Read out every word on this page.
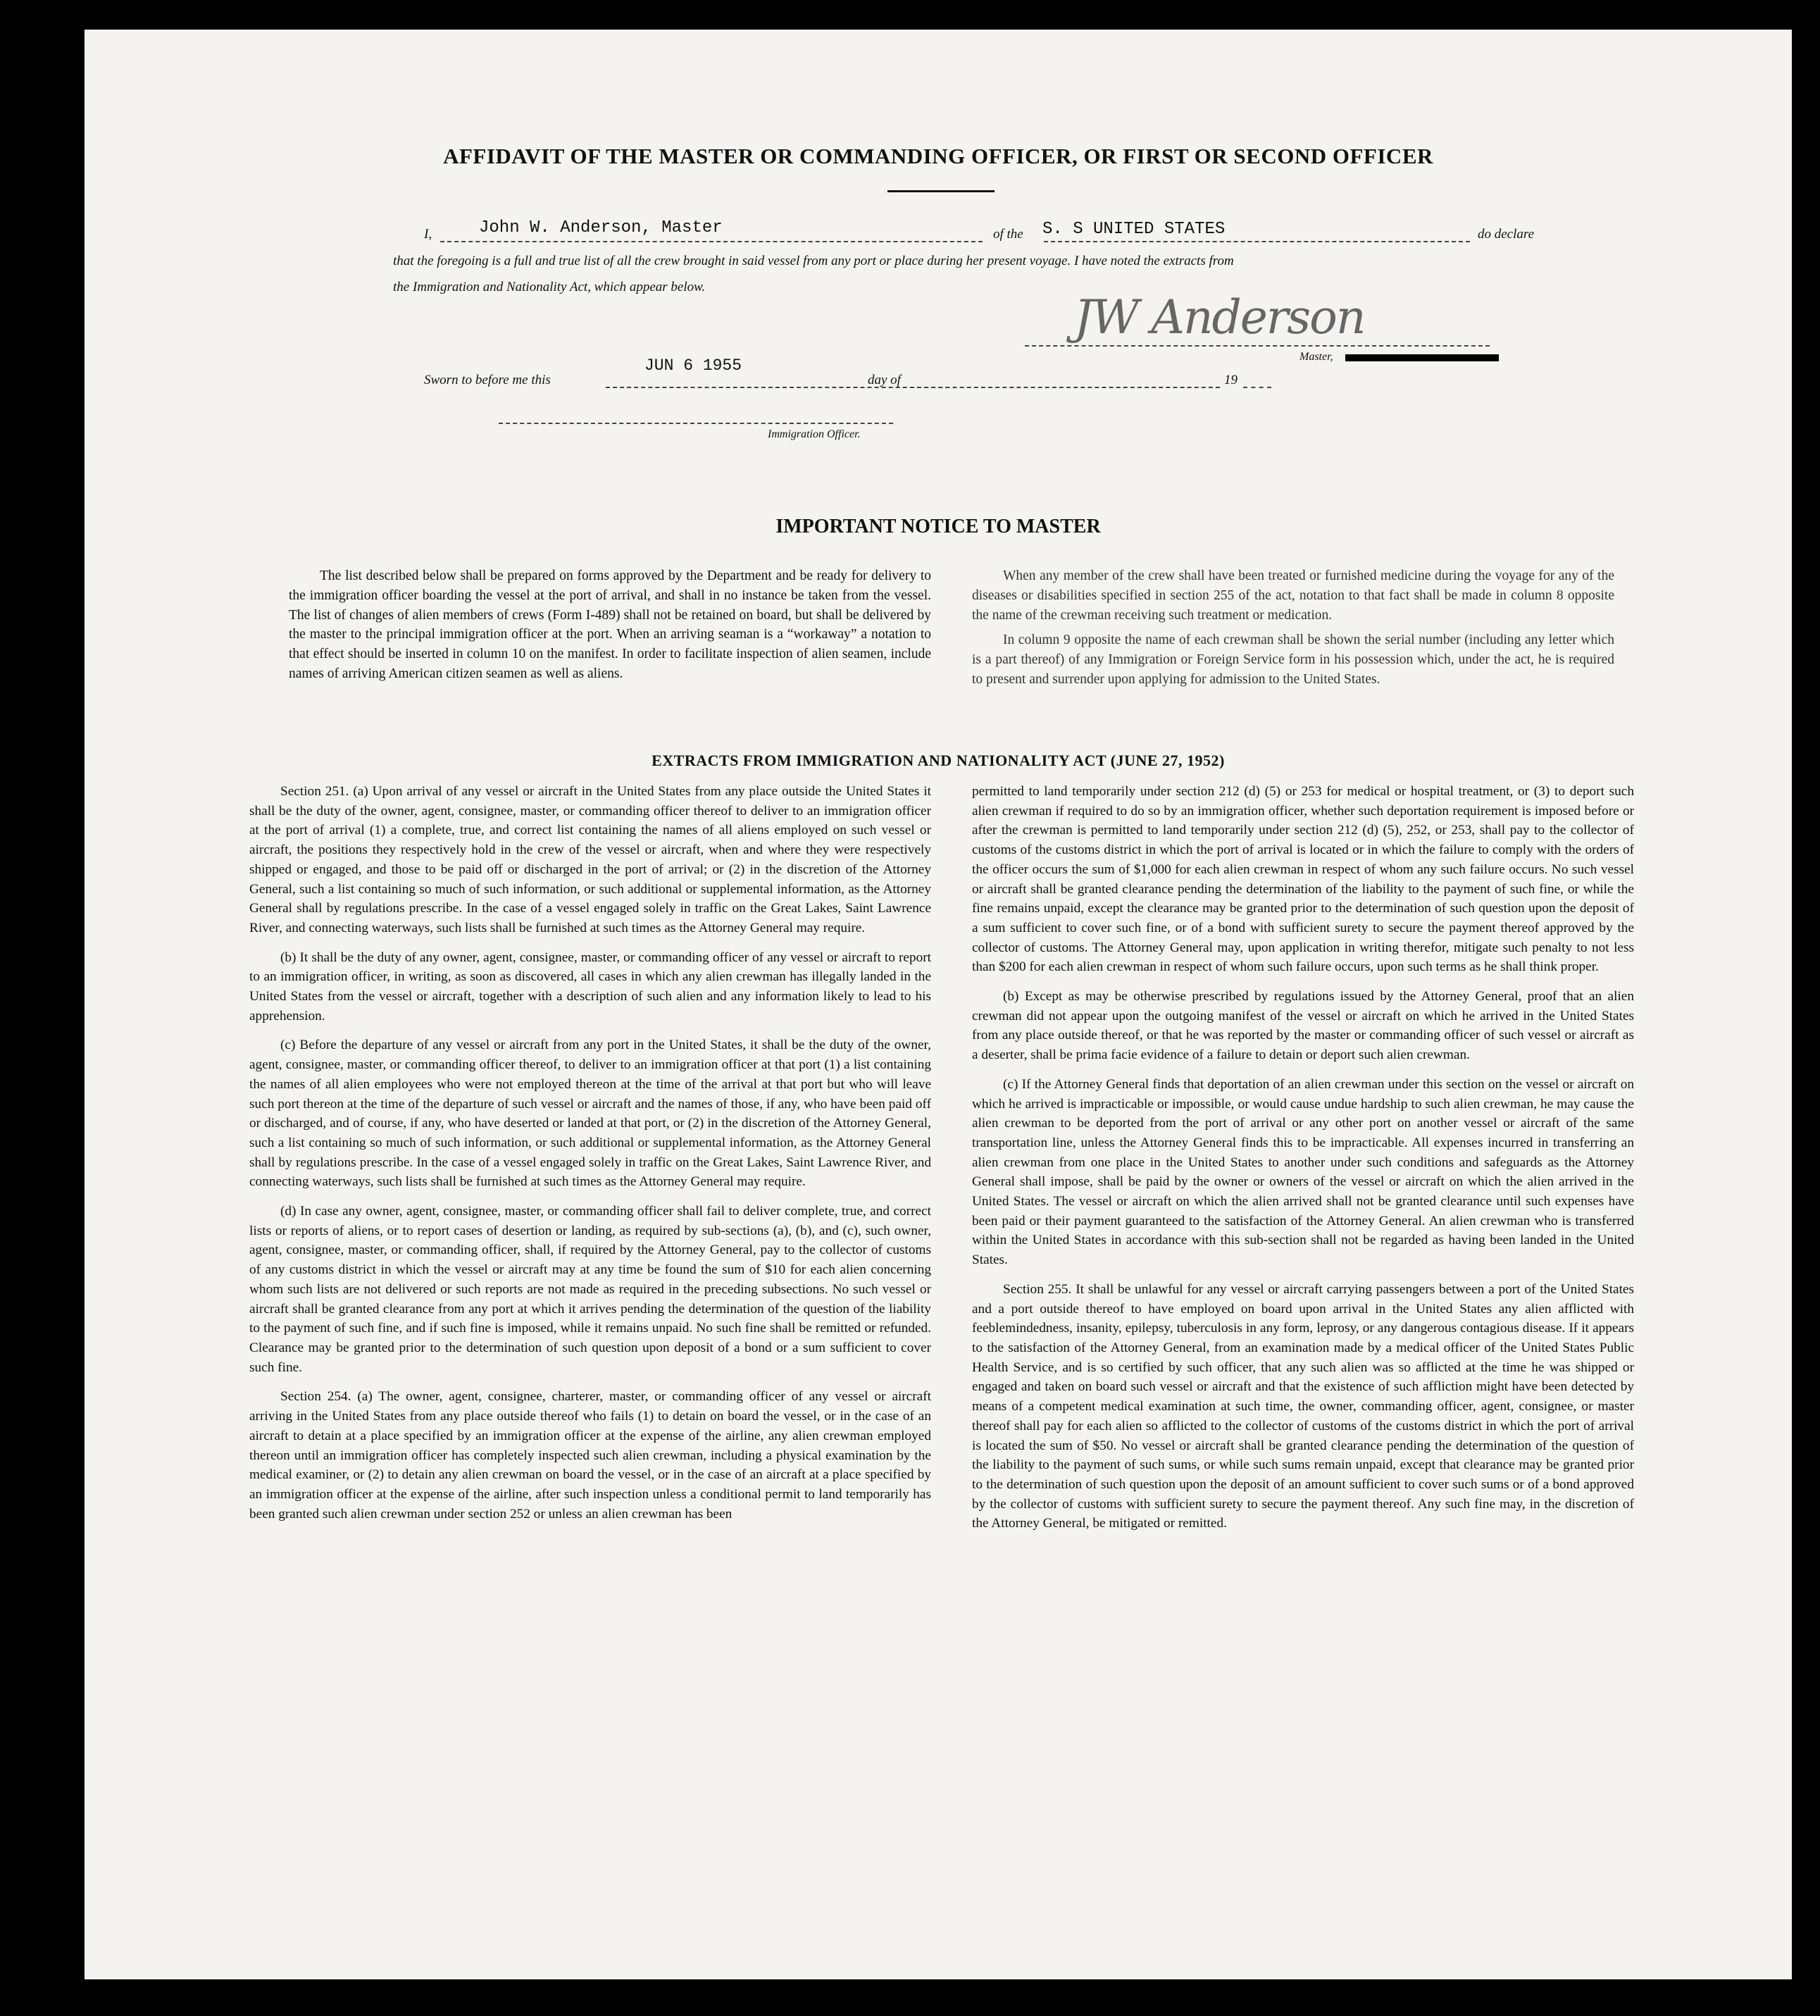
AFFIDAVIT OF THE MASTER OR COMMANDING OFFICER, OR FIRST OR SECOND OFFICER
I,	John W. Anderson, Master	of the S. S UNITED STATES	do declare
that the foregoing is a full and true list of all the crew brought in said vessel from any port or place during her present voyage. I have noted the extracts from
the Immigration and Nationality Act, which appear below.
JW Anderson
Master,
Sworn to before me this
JUN 6 1955
day of	19
Immigration Officer.
IMPORTANT NOTICE TO MASTER

The list described below shall be prepared on forms approved by the Department and be ready for delivery to the immigration officer boarding the vessel at the port of arrival, and shall in no instance be taken from the vessel. The list of changes of alien members of crews (Form I-489) shall not be retained on board, but shall be delivered by the master to the principal immigration officer at the port. When an arriving seaman is a “workaway” a notation to that effect should be inserted in column 10 on the manifest. In order to facilitate inspection of alien seamen, include names of arriving American citizen seamen as well as aliens.

When any member of the crew shall have been treated or furnished medicine during the voyage for any of the diseases or disabilities specified in section 255 of the act, notation to that fact shall be made in column 8 opposite the name of the crewman receiving such treatment or medication.

In column 9 opposite the name of each crewman shall be shown the serial number (including any letter which is a part thereof) of any Immigration or Foreign Service form in his possession which, under the act, he is required to present and surrender upon applying for admission to the United States.

EXTRACTS FROM IMMIGRATION AND NATIONALITY ACT (JUNE 27, 1952)

Section 251. (a) Upon arrival of any vessel or aircraft in the United States from any place outside the United States it shall be the duty of the owner, agent, consignee, master, or commanding officer thereof to deliver to an immigration officer at the port of arrival (1) a complete, true, and correct list containing the names of all aliens employed on such vessel or aircraft, the positions they respectively hold in the crew of the vessel or aircraft, when and where they were respectively shipped or engaged, and those to be paid off or discharged in the port of arrival; or (2) in the discretion of the Attorney General, such a list containing so much of such information, or such additional or supplemental information, as the Attorney General shall by regulations prescribe. In the case of a vessel engaged solely in traffic on the Great Lakes, Saint Lawrence River, and connecting waterways, such lists shall be furnished at such times as the Attorney General may require.

(b) It shall be the duty of any owner, agent, consignee, master, or commanding officer of any vessel or aircraft to report to an immigration officer, in writing, as soon as discovered, all cases in which any alien crewman has illegally landed in the United States from the vessel or aircraft, together with a description of such alien and any information likely to lead to his apprehension.

(c) Before the departure of any vessel or aircraft from any port in the United States, it shall be the duty of the owner, agent, consignee, master, or commanding officer thereof, to deliver to an immigration officer at that port (1) a list containing the names of all alien employees who were not employed thereon at the time of the arrival at that port but who will leave such port thereon at the time of the departure of such vessel or aircraft and the names of those, if any, who have been paid off or discharged, and of course, if any, who have deserted or landed at that port, or (2) in the discretion of the Attorney General, such a list containing so much of such information, or such additional or supplemental information, as the Attorney General shall by regulations prescribe. In the case of a vessel engaged solely in traffic on the Great Lakes, Saint Lawrence River, and connecting waterways, such lists shall be furnished at such times as the Attorney General may require.

(d) In case any owner, agent, consignee, master, or commanding officer shall fail to deliver complete, true, and correct lists or reports of aliens, or to report cases of desertion or landing, as required by sub-sections (a), (b), and (c), such owner, agent, consignee, master, or commanding officer, shall, if required by the Attorney General, pay to the collector of customs of any customs district in which the vessel or aircraft may at any time be found the sum of $10 for each alien concerning whom such lists are not delivered or such reports are not made as required in the preceding subsections. No such vessel or aircraft shall be granted clearance from any port at which it arrives pending the determination of the question of the liability to the payment of such fine, and if such fine is imposed, while it remains unpaid. No such fine shall be remitted or refunded. Clearance may be granted prior to the determination of such question upon deposit of a bond or a sum sufficient to cover such fine.

Section 254. (a) The owner, agent, consignee, charterer, master, or commanding officer of any vessel or aircraft arriving in the United States from any place outside thereof who fails (1) to detain on board the vessel, or in the case of an aircraft to detain at a place specified by an immigration officer at the expense of the airline, any alien crewman employed thereon until an immigration officer has completely inspected such alien crewman, including a physical examination by the medical examiner, or (2) to detain any alien crewman on board the vessel, or in the case of an aircraft at a place specified by an immigration officer at the expense of the airline, after such inspection unless a conditional permit to land temporarily has been granted such alien crewman under section 252 or unless an alien crewman has been

permitted to land temporarily under section 212 (d) (5) or 253 for medical or hospital treatment, or (3) to deport such alien crewman if required to do so by an immigration officer, whether such deportation requirement is imposed before or after the crewman is permitted to land temporarily under section 212 (d) (5), 252, or 253, shall pay to the collector of customs of the customs district in which the port of arrival is located or in which the failure to comply with the orders of the officer occurs the sum of $1,000 for each alien crewman in respect of whom any such failure occurs. No such vessel or aircraft shall be granted clearance pending the determination of the liability to the payment of such fine, or while the fine remains unpaid, except the clearance may be granted prior to the determination of such question upon the deposit of a sum sufficient to cover such fine, or of a bond with sufficient surety to secure the payment thereof approved by the collector of customs. The Attorney General may, upon application in writing therefor, mitigate such penalty to not less than $200 for each alien crewman in respect of whom such failure occurs, upon such terms as he shall think proper.

(b) Except as may be otherwise prescribed by regulations issued by the Attorney General, proof that an alien crewman did not appear upon the outgoing manifest of the vessel or aircraft on which he arrived in the United States from any place outside thereof, or that he was reported by the master or commanding officer of such vessel or aircraft as a deserter, shall be prima facie evidence of a failure to detain or deport such alien crewman.

(c) If the Attorney General finds that deportation of an alien crewman under this section on the vessel or aircraft on which he arrived is impracticable or impossible, or would cause undue hardship to such alien crewman, he may cause the alien crewman to be deported from the port of arrival or any other port on another vessel or aircraft of the same transportation line, unless the Attorney General finds this to be impracticable. All expenses incurred in transferring an alien crewman from one place in the United States to another under such conditions and safeguards as the Attorney General shall impose, shall be paid by the owner or owners of the vessel or aircraft on which the alien arrived in the United States. The vessel or aircraft on which the alien arrived shall not be granted clearance until such expenses have been paid or their payment guaranteed to the satisfaction of the Attorney General. An alien crewman who is transferred within the United States in accordance with this sub-section shall not be regarded as having been landed in the United States.

Section 255. It shall be unlawful for any vessel or aircraft carrying passengers between a port of the United States and a port outside thereof to have employed on board upon arrival in the United States any alien afflicted with feeblemindedness, insanity, epilepsy, tuberculosis in any form, leprosy, or any dangerous contagious disease. If it appears to the satisfaction of the Attorney General, from an examination made by a medical officer of the United States Public Health Service, and is so certified by such officer, that any such alien was so afflicted at the time he was shipped or engaged and taken on board such vessel or aircraft and that the existence of such affliction might have been detected by means of a competent medical examination at such time, the owner, commanding officer, agent, consignee, or master thereof shall pay for each alien so afflicted to the collector of customs of the customs district in which the port of arrival is located the sum of $50. No vessel or aircraft shall be granted clearance pending the determination of the question of the liability to the payment of such sums, or while such sums remain unpaid, except that clearance may be granted prior to the determination of such question upon the deposit of an amount sufficient to cover such sums or of a bond approved by the collector of customs with sufficient surety to secure the payment thereof. Any such fine may, in the discretion of the Attorney General, be mitigated or remitted.
